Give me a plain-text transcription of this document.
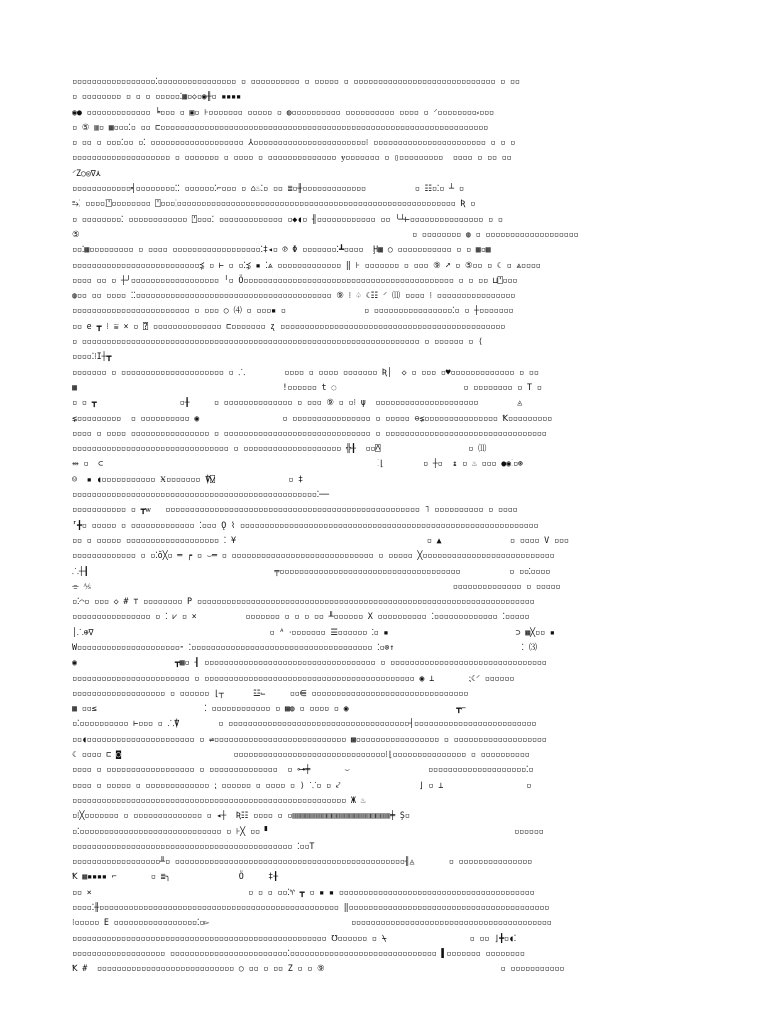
▫▫▫▫▫▫▫▫▫▫▫▫▫▫▫▫▫⁚▫▫▫▫▫▫▫▫▫▫▫▫▫▫▫▫ ▫ ▫▫▫▫▫▫▫▫▫▫ ▫ ▫▫▫▫▫ ▫ ▫▫▫▫▫▫▫▫▫▫▫▫▫▫▫▫▫▫▫▫▫▫▫▫▫▫▫▫▫ ▫ ▫▫
▫ ▫▫▫▫▫▫▫▫ ▫ ▫ ▫ ▫▫▫▫▫⁚▦▫◇▫◉╫▫ ▪▪▪▪
◉● ▫▫▫▫▫▫▫▫▫▫▫▫▫ ╘▫▫▫ ▫ ▣▫ ⊦▫▫▫▫▫▫▫ ▫▫▫▫▫ ▫ ◍▫▫▫▫▫▫▫▫▫▫ ▫▫▫▫▫▫▫▫▫▫ ▫▫▫▫ ▫ ⸍▫▫▫▫▫▫▫▫⸗▫▫▫
▫ ⑤ ▥▫ ▦▫▫▫⁚▫ ▫▫ ⊏▫▫▫▫▫▫▫▫▫▫▫▫▫▫▫▫▫▫▫▫▫▫▫▫▫▫▫▫▫▫▫▫▫▫▫▫▫▫▫▫▫▫▫▫▫▫▫▫▫▫▫▫▫▫▫▫▫▫▫▫▫▫▫▫▫▫▫
▫ ▫▫ ▫ ▫▫▫⁚▫▫ ▫⁚ ▫▫▫▫▫▫▫▫▫▫▫▫▫▫▫▫▫▫▫ ⅄▫▫▫▫▫▫▫▫▫▫▫▫▫▫▫▫▫▫▫▫▫▫▫⁝ ▫▫▫▫▫▫▫▫▫▫▫▫▫▫▫▫▫▫▫▫▫▫▫ ▫ ▫ ▫
▫▫▫▫▫▫▫▫▫▫▫▫▫▫▫▫▫▫▫▫ ▫ ▫▫▫▫▫▫▫ ▫ ▫▫▫▫ ▫ ▫▫▫▫▫▫▫▫▫▫▫▫▫▫ ɏ▫▫▫▫▫▫▫ ▫ ▯▫▫▫▫▫▫▫▫▫  ▫▫▫▫ ▫ ▫▫ ▫▫
⸍Z○◎∇⋏
▫▫▫▫▫▫▫▫▫▫▫▫╡▫▫▫▫▫▫▫▫⁚⁚ ▫▫▫▫▫▫⁚⌐▫▫▫ ▫ ⌂♨⁚▫ ▫▫ ≣▫╫▫▫▫▫▫▫▫▫▫▫▫▫▫          ▫ ☷▫⁚▫ ┴ ▫
⥱⁚ ▫▫▫▫⁚⍞▫▫▫▫▫▫▫▫ ⍞▫▫▫⁚▫▫▫▫▫▫▫▫▫▫▫▫▫▫▫▫▫▫▫▫▫▫▫▫▫▫▫▫▫▫▫▫▫▫▫▫▫▫▫▫▫▫▫▫▫▫▫▫▫▫▫▫▫▫▫▫▫ Ʀ ▫
▫ ▫▫▫▫▫▫▫▫⁚ ▫▫▫▫▫▫▫▫▫▫▫▫ ⍞▫▫▫⁚ ▫▫▫▫▫▫▫▫▫▫▫▫▫ ▫◆◖▫ ╢▫▫▫▫▫▫▫▫▫▫▫▫ ▫▫ ╰┴⊢▫▫▫▫▫▫▫▫▫▫▫▫▫▫▫ ▫ ▫
⑤                                                                    ▫ ▫▫▫▫▫▫▫▫ ◍ ▫ ▫▫▫▫▫▫▫▫▫▫▫▫▫▫▫▫▫▫▫
▫▫⁚▦▫▫▫▫▫▫▫▫▫ ▫ ▫▫▫▫ ▫▫▫▫▫▫▫▫▫▫▫▫▫▫▫▫▫▫⁚‡◂▫ ℗ Φ ▫▫▫▫▫▫▫⁚┻▫▫▫▫  Ḩ▦ ○ ▫▫▫▫▫▫▫▫▫▫▫ ▫ ▫ ▦▫▦
▫▫▫▫▫▫▫▫▫▫▫▫▫▫▫▫▫▫▫▫▫▫▫▫▫▫⋨ ▫ ⊢ ▫ ▫⁚⋨ ▪ ⁚⩓ ▫▫▫▫▫▫▫▫▫▫▫▫▫ ‖ ⊦ ▫▫▫▫▫▫▫ ▫ ▫▫▫ ⑨ ➚ ▫ ⑤▫▫ ▫ ☾ ▫ ⩓▫▫▫▫
▫▫▫▫ ▫▫ ▫ ┼╯▫▫▫▫▫▫▫▫▫▫▫▫▫▫▫▫▫▫ ╵▫ Ö▫▫▫▫▫▫▫▫▫▫▫▫▫▫▫▫▫▫▫▫▫▫▫▫▫▫▫▫▫▫▫▫▫▫▫▫▫▫▫▫▫▫▫ ▫ ▫ ▫▫ ⊔⍞▫▫▫
◍▫▫ ▫▫ ▫▫▫▫ ⁚⁚▫▫▫▫▫▫▫▫▫▫▫▫▫▫▫▫▫▫▫▫▫▫▫▫▫▫▫▫▫▫▫▫▫▫▫▫▫▫▫▫ ⑨ ⁝ ♤ ☾☷ ⸍ ⑾ ▫▫▫▫ ⁝ ▫▫▫▫▫▫▫▫▫▫▫▫▫▫▫▫
▫▫▫▫▫▫▫▫▫▫▫▫▫▫▫▫▫▫▫▫▫▫▫▫ ▫ ▫▫▫ ○ ⑷ ▫ ▫▫▫▪ ▫                ▫ ▫▫▫▫▫▫▫▫▫▫▫▫▫▫▫▫⁚▫ ▫ ┼▫▫▫▫▫▫▫
▫▫ e ┳ ⁝ ⩸ × ▫ ⍰ ▫▫▫▫▫▫▫▫▫▫▫▫▫▫ ⊏▫▫▫▫▫▫▫ ʐ ▫▫▫▫▫▫▫▫▫▫▫▫▫▫▫▫▫▫▫▫▫▫▫▫▫▫▫▫▫▫▫▫▫▫▫▫▫▫▫▫▫▫▫▫▫▫
▫ ▫▫▫▫▫▫▫▫▫▫▫▫▫▫▫▫▫▫▫▫▫▫▫▫▫▫▫▫▫▫▫▫▫▫▫▫▫▫▫▫▫▫▫▫▫▫▫▫▫▫▫▫▫▫▫▫▫▫▫▫▫▫▫▫▫▫▫▫▫ ▫ ▫▫▫▫▫▫ ▫ ⟨
▫▫▫▫⁚⁝I┼┳
▫▫▫▫▫▫▫ ▫ ▫▫▫▫▫▫▫▫▫▫▫▫▫▫▫▫▫▫▫▫▫ ▫ ⸫        ▫▫▫▫ ▫ ▫▫▫▫ ▫▫▫▫▫▫▫ Ʀ│  ◇ ▫ ▫▫▫ ▫♥▫▫▫▫▫▫▫▫▫▫▫▫▫ ▫ ▫▫
▦                                          !▫▫▫▫▫▫ t ◌                          ▫ ▫▫▫▫▫▫▫▫ ▫ T ▫
▫ ▫ ┳                 ▫╂     ▫ ▫▫▫▫▫▫▫▫▫▫▫▫▫▫ ▫ ▫▫▫ ⑨ ▫ ▫⁝ ψ  ▫▫▫▫▫▫▫▫▫▫▫▫▫▫▫▫▫▫▫▫▫        ◬
⋦▫▫▫▫▫▫▫▫▫  ▫ ▫▫▫▫▫▫▫▫▫▫ ◉                 ▫ ▫▫▫▫▫▫▫▫▫▫▫▫▫▫▫▫ ▫ ▫▫▫▫▫ ⊖⋦▫▫▫▫▫▫▫▫▫▫▫▫▫▫▫ Ꝁ▫▫▫▫▫▫▫▫▫
▫▫▫▫ ▫ ▫▫▫▫ ▫▫▫▫▫▫▫▫▫▫▫▫▫▫▫▫ ▫ ▫▫▫▫▫▫▫▫▫▫▫▫▫▫▫▫▫▫▫▫▫▫▫▫▫▫▫▫▫▫ ▫ ▫▫▫▫▫▫▫▫▫▫▫▫▫▫▫▫▫▫▫▫▫▫▫▫▫▫▫▫▫▫▫▫▫
▫▫▫▫▫▫▫▫▫▫▫▫▫▫▫▫▫▫▫▫▫▫▫▫▫▫▫▫▫▫▫▫ ▫ ▫▫▫▫▫▫▫▫▫▫▫▫▫▫▫▫▫▫▫▫ ╬╂  ▫▫⍓                  ▫ ⑾
⥈ ▫  ⊂                                                        ⁚⌊        ▫ ┼▫  ↨ ▫ ♨ ▫▫▫ ●◉⁚▫⊛
☹  ▪ ◖▫▫▫▫▫▫▫▫▫▫▫ Ӿ▫▫▫▫▫▫▫ ⍒⍌               ▫ ‡
▫▫▫▫▫▫▫▫▫▫▫▫▫▫▫▫▫▫▫▫▫▫▫▫▫▫▫▫▫▫▫▫▫▫▫▫▫▫▫▫▫▫▫▫▫▫▫▫▫▫⁚──
▫▫▫▫▫▫▫▫▫▫▫ ▫ ┳ѡ   ▫▫▫▫▫▫▫▫▫▫▫▫▫▫▫▫▫▫▫▫▫▫▫▫▫▫▫▫▫▫▫▫▫▫▫▫▫▫▫▫▫▫▫▫▫▫▫▫▫▫▫▫ ˥ ▫▫▫▫▫▫▫▫▫▫ ▫ ▫▫▫▫
⸢╋▫ ▫▫▫▫▫ ▫ ▫▫▫▫▫▫▫▫▫▫▫▫▫ ⁚▫▫▫ Ǫ ⌇ ▫▫▫▫▫▫▫▫▫▫▫▫▫▫▫▫▫▫▫▫▫▫▫▫▫▫▫▫▫▫▫▫▫▫▫▫▫▫▫▫▫▫▫▫▫▫▫▫▫▫▫▫▫▫▫▫▫▫▫▫▫
▫▫ ▫ ▫▫▫▫▫ ▫▫▫▫▫▫▫▫▫▫▫▫▫▫▫▫▫▫▫ ⁚ ¥                                       ▫ ▲              ▫ ▫▫▫▫ V ▫▫▫
▫▫▫▫▫▫▫▫▫▫▫▫▫ ▫ ▫⁚ŏ╳▫ ═ ┍ ▫ ⌣═ ▫ ▫▫▫▫▫▫▫▫▫▫▫▫▫▫▫▫▫▫▫▫▫▫▫▫▫▫▫▫▫ ▫ ▫▫▫▫▫ ╳▫▫▫▫▫▫▫▫▫▫▫▫▫▫▫▫▫▫▫▫▫▫▫▫▫▫▫
⸫┼┨                                      ╤▫▫▫▫▫▫▫▫▫▫▫▫▫▫▫▫▫▫▫▫▫▫▫▫▫▫▫▫▫▫▫▫▫▫▫▫▫          ▫ ▫▫⁚▫▫▫▫
⌯ ⅍                                                                          ▫▫▫▫▫▫▫▫▫▫▫▫▫▫ ▫ ▫▫▫▫▫
▫⁚⌒▫ ▫▫▫ ◇ # ⊤ ▫▫▫▫▫▫▫▫ P ▫▫▫▫▫▫▫▫▫▫▫▫▫▫▫▫▫▫▫▫▫▫▫▫▫▫▫▫▫▫▫▫▫▫▫▫▫▫▫▫▫▫▫▫▫▫▫▫▫▫▫▫▫▫▫▫▫▫▫▫▫▫▫▫▫▫▫▫▫
▫▫▫▫▫▫▫▫▫▫▫▫▫▫▫▫ ▫ ⁚ ⩗ ▫ ×          ▫▫▫▫▫▫▫ ▫ ▫ ▫ ▫▫ ╨▫▫▫▫▫▫ X ▫▫▫▫▫▫▫▫▫▫ ⁚▫▫▫▫▫▫▫▫▫▫▫▫▫ ⁚▫▫▫▫▫
│⸫⊕∇                                    ▫ ᴬ ⸱▫▫▫▫▫▫▫ ☰▫▫▫▫▫▫ ⁚▫ ▪                          ⊃ ▩╳▫▫ ▪
W▫▫▫▫▫▫▫▫▫▫▫▫▫▫▫▫▫▫▫▫▫⁃ ⁚▫▫▫▫▫▫▫▫▫▫▫▫▫▫▫▫▫▫▫▫▫▫▫▫▫▫▫▫▫▫▫▫▫▫▫▫▫ ⁚▫⊚↑                          ⁚ ⑶
◉                    ┳▦▫ ┨ ▫▫▫▫▫▫▫▫▫▫▫▫▫▫▫▫▫▫▫▫▫▫▫▫▫▫▫▫▫▫▫▫▫▫▫ ▫ ▫▫▫▫▫▫▫▫▫▫▫▫▫▫▫▫▫▫▫▫▫▫▫▫▫▫▫▫▫▫▫▫
▫▫▫▫▫▫▫▫▫▫▫▫▫▫▫▫▫▫▫▫▫▫▫▫ ▫ ▫▫▫▫▫▫▫▫▫▫▫▫▫▫▫▫▫▫▫▫▫▫▫▫▫▫▫▫▫▫▫▫▫▫▫▫▫▫▫▫▫▫▫ ◉ ⊥       ⁏☾⸍ ▫▫▫▫▫▫
▫▫▫▫▫▫▫▫▫▫▫▫▫▫▫▫▫▫▫ ▫ ▫▫▫▫▫▫ ⌊┬      ☳⌙     ▫▫⋹ ▫▫▫▫▫▫▫▫▫▫▫▫▫▫▫▫▫▫▫▫▫▫▫▫▫▫▫▫▫▫▫▫
▦ ▫▫≤                      ⁚ ▫▫▫▫▫▫▫▫▫▫▫▫ ▫ ▩◍ ▫ ▫▫▫▫ ▫ ◉                      ┳⌐
▫⁚▫▫▫▫▫▫▫▫▫▫ ⊢▫▫▫ ▫ ⸫⍒        ▫ ▫▫▫▫▫▫▫▫▫▫▫▫▫▫▫▫▫▫▫▫▫▫▫▫▫▫▫▫▫▫▫▫▫▫▫▫▫┤▫▫▫▫▫▫▫▫▫▫▫▫▫▫▫▫▫▫▫▫▫▫▫▫▫
▫▫◖▫▫▫▫▫▫▫▫▫▫▫▫▫▫▫▫▫▫▫▫▫▫ ▫ ⇌▫▫▫▫▫▫▫▫▫▫▫▫▫▫▫▫▫▫▫▫▫▫▫▫▫▫▫ ▩▫▫▫▫▫▫▫▫▫▫▫▫▫▫▫▫▫ ▫ ▫▫▫▫▫▫▫▫▫▫▫▫▫▫▫▫▫▫▫
☾ ▫▫▫▫ ⊏ ◙                       ▫▫▫▫▫▫▫▫▫▫▫▫▫▫▫▫▫▫▫▫▫▫▫▫▫▫▫▫▫▫▫⁝⌊▫▫▫▫▫▫▫▫▫▫▫▫▫▫▫ ▫ ▫▫▫▫▫▫▫▫▫▫
▫▫▫▫ ▫ ▫▫▫▫▫▫▫▫▫▫▫▫▫▫▫▫▫▫ ▫ ▫▫▫▫▫▫▫▫▫▫▫▫▫▫  ▫ ⊶╪       ⌣                ▫▫▫▫▫▫▫▫▫▫▫▫▫▫▫▫▫▫▫▫⁚▫
▫▫▫▫ ▫ ▫▫▫▫▫ ▫ ▫▫▫▫▫▫▫▫▫▫▫▫▫ ⁏ ▫▫▫▫▫▫ ▫ ▫▫▫▫ ▫ ⟩ ⸪▫ ▫ ⤦                ⌋ ▫ ⊥                 ▫
▫▫▫▫▫▫▫▫▫▫▫▫▫▫▫▫▫▫▫▫▫▫▫▫▫▫▫▫▫▫▫▫▫▫▫▫▫▫▫▫▫▫▫▫▫▫▫▫▫▫▫▫▫▫▫▫ Ж ♨
▫⁝╳▫▫▫▫▫▫▫ ▫ ▫▫▫▫▫▫▫▫▫▫▫▫▫▫ ▫ ◂┼  Ʀ☷ ▫▫▫▫ ▫ ▫▥▥▥▥▥▥▥▥▥▥▥▥▥▥▥▥▥▥▥▥╪ Ș▫
▫⁚▫▫▫▫▫▫▫▫▫▫▫▫▫▫▫▫▫▫▫▫▫▫▫▫▫▫▫▫▫ ▫ ⊦╳ ▫▫ ▘                                                  ▫▫▫▫▫▫
▫▫▫▫▫▫▫▫▫▫▫▫▫▫▫▫▫▫▫▫▫▫▫▫▫▫▫▫▫▫▫▫▫▫▫▫▫▫▫▫▫▫▫▫▫ ⁚▫▫T
▫▫▫▫▫▫▫▫▫▫▫▫▫▫▫▫▫▫╨▫ ▫▫▫▫▫▫▫▫▫▫▫▫▫▫▫▫▫▫▫▫▫▫▫▫▫▫▫▫▫▫▫▫▫▫▫▫▫▫▫▫▫▫▫▫▫▫▫╢◬       ▫ ▫▫▫▫▫▫▫▫▫▫▫▫▫▫▫
Ꝁ ▩▪▪▪▪ ⌐       ▫ ≣╮              Ö     ‡╂
▫▫ ⨯                                ▫ ▫ ▫ ▫▫⁚♈ ┳ ▫ ▪ ▪ ▫▫▫▫▫▫▫▫▫▫▫▫▫▫▫▫▫▫▫▫▫▫▫▫▫▫▫▫▫▫▫▫▫▫▫▫▫▫▫▫
▫▫▫▫⁚╫▫▫▫▫▫▫▫▫▫▫▫▫▫▫▫▫▫▫▫▫▫▫▫▫▫▫▫▫▫▫▫▫▫▫▫▫▫▫▫▫▫▫▫▫▫▫▫▫▫ ‖▫▫▫▫▫▫▫▫▫▫▫▫▫▫▫▫▫▫▫▫▫▫▫▫▫▫▫▫▫▫▫▫▫▫▫▫▫▫▫▫▫
⁝▫▫▫▫▫ E ▫▫▫▫▫▫▫▫▫▫▫▫▫▫▫▫▫⁚▫▻                             ▫▫▫▫▫▫▫▫▫▫▫▫▫▫▫▫▫▫▫▫▫▫▫▫▫▫▫▫▫▫▫▫▫▫▫▫▫▫▫▫▫
▫▫▫▫▫▫▫▫▫▫▫▫▫▫▫▫▫▫▫▫▫▫▫▫▫▫▫▫▫▫▫▫▫▫▫▫▫▫▫▫▫▫▫▫▫▫▫▫▫▫▫▫ ℧▫▫▫▫▫▫ ▫ ⍀                 ▫ ▫▫ ⌋╋▫◖⁚
▫▫▫▫▫▫▫▫▫▫▫▫▫▫▫▫▫▫▫ ▫▫▫▫▫▫▫▫▫▫▫▫▫▫▫▫▫▫▫▫▫▫▫▫⁚▫▫▫▫▫▫▫▫▫▫▫▫▫▫▫▫▫▫▫▫▫▫▫▫▫▫▫▫▫▫ ▌▫▫▫▫▫▫▫ ▫▫▫▫▫▫▫▫
Ꝁ #  ▫▫▫▫▫▫▫▫▫▫▫▫▫▫▫▫▫▫▫▫▫▫▫▫▫▫▫▫ ○ ▫▫ ▫ ▫▫ Z ▫ ▫ ⑨                                    ▫ ▫▫▫▫▫▫▫▫▫▫▫
